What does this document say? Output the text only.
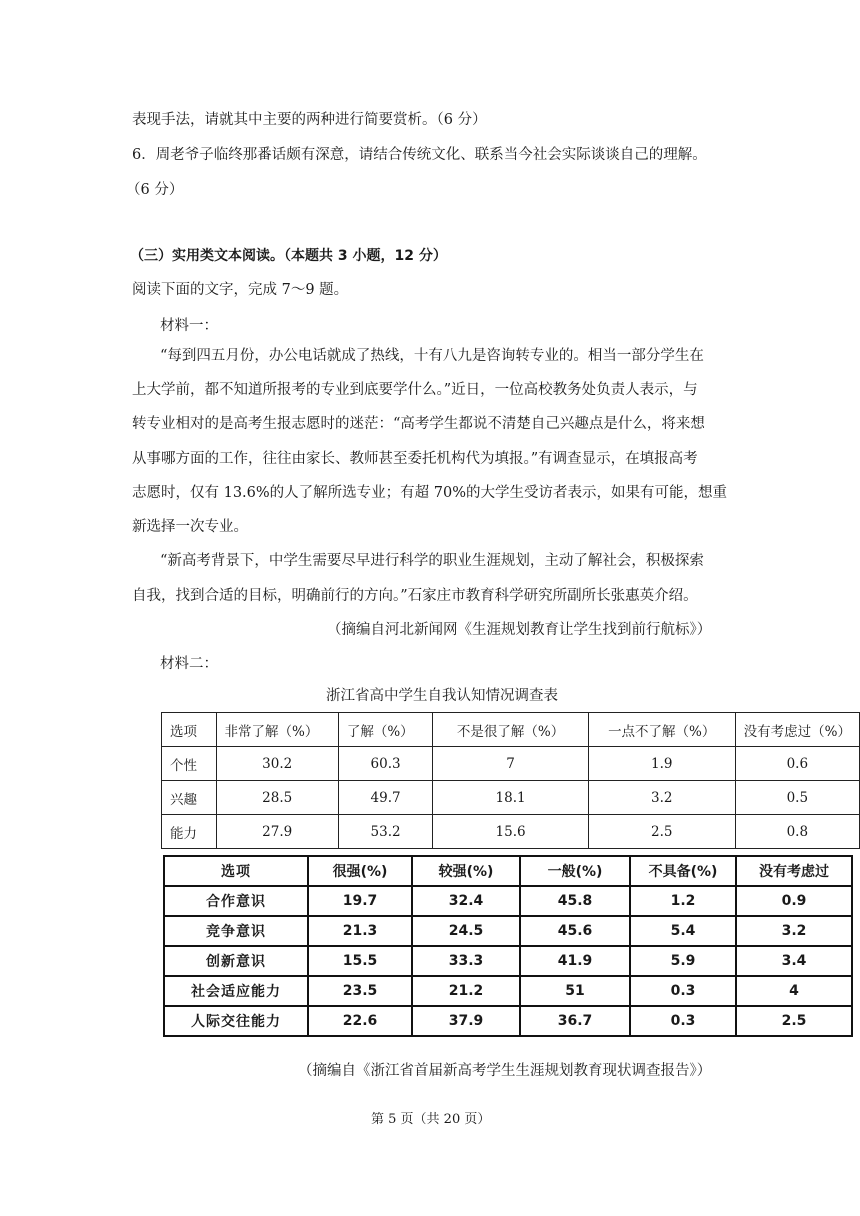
表现手法，请就其中主要的两种进行简要赏析。（6 分）
6．周老爷子临终那番话颇有深意，请结合传统文化、联系当今社会实际谈谈自己的理解。
（6 分）
（三）实用类文本阅读。（本题共 3 小题，12 分）
阅读下面的文字，完成 7～9 题。
材料一：
“每到四五月份，办公电话就成了热线，十有八九是咨询转专业的。相当一部分学生在
上大学前，都不知道所报考的专业到底要学什么。”近日，一位高校教务处负责人表示，与
转专业相对的是高考生报志愿时的迷茫：“高考学生都说不清楚自己兴趣点是什么，将来想
从事哪方面的工作，往往由家长、教师甚至委托机构代为填报。”有调查显示，在填报高考
志愿时，仅有 13.6%的人了解所选专业；有超 70%的大学生受访者表示，如果有可能，想重
新选择一次专业。
“新高考背景下，中学生需要尽早进行科学的职业生涯规划，主动了解社会，积极探索
自我，找到合适的目标，明确前行的方向。”石家庄市教育科学研究所副所长张惠英介绍。
（摘编自河北新闻网《生涯规划教育让学生找到前行航标》）
材料二：
浙江省高中学生自我认知情况调查表
选项	非常了解（%）	了解（%）	不是很了解（%）	一点不了解（%）	没有考虑过（%）
个性	30.2	60.3	7	1.9	0.6
兴趣	28.5	49.7	18.1	3.2	0.5
能力	27.9	53.2	15.6	2.5	0.8
选项	很强(%)	较强(%)	一般(%)	不具备(%)	没有考虑过
合作意识	19.7	32.4	45.8	1.2	0.9
竞争意识	21.3	24.5	45.6	5.4	3.2
创新意识	15.5	33.3	41.9	5.9	3.4
社会适应能力	23.5	21.2	51	0.3	4
人际交往能力	22.6	37.9	36.7	0.3	2.5
（摘编自《浙江省首届新高考学生生涯规划教育现状调查报告》）
第 5 页（共 20 页）
